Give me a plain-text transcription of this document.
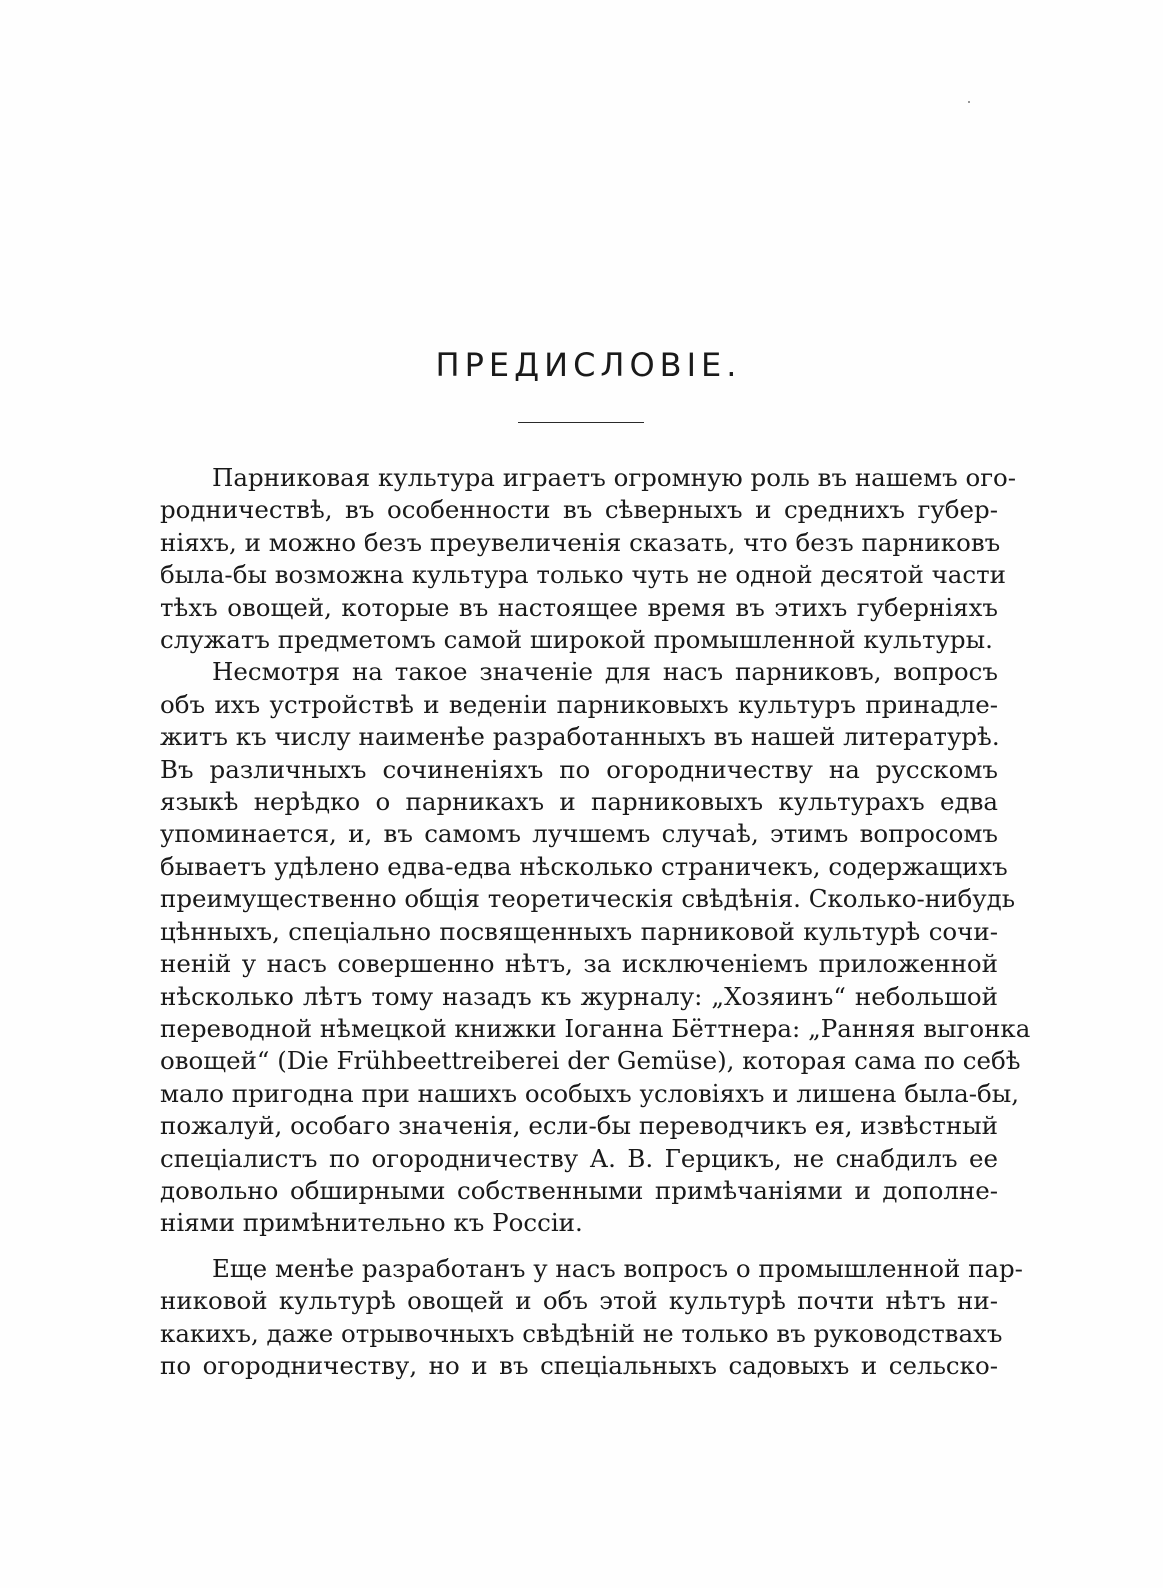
ПРЕДИСЛОВІЕ.
Парниковая культура играетъ огромную роль въ нашемъ ого-
родничествѣ, въ особенности въ сѣверныхъ и среднихъ губер-
ніяхъ, и можно безъ преувеличенія сказать, что безъ парниковъ
была-бы возможна культура только чуть не одной десятой части
тѣхъ овощей, которые въ настоящее время въ этихъ губерніяхъ
служатъ предметомъ самой широкой промышленной культуры.
Несмотря на такое значеніе для насъ парниковъ, вопросъ
объ ихъ устройствѣ и веденіи парниковыхъ культуръ принадле-
житъ къ числу наименѣе разработанныхъ въ нашей литературѣ.
Въ различныхъ сочиненіяхъ по огородничеству на русскомъ
языкѣ нерѣдко о парникахъ и парниковыхъ культурахъ едва
упоминается, и, въ самомъ лучшемъ случаѣ, этимъ вопросомъ
бываетъ удѣлено едва-едва нѣсколько страничекъ, содержащихъ
преимущественно общія теоретическія свѣдѣнія. Сколько-нибудь
цѣнныхъ, спеціально посвященныхъ парниковой культурѣ сочи-
неній у насъ совершенно нѣтъ, за исключеніемъ приложенной
нѣсколько лѣтъ тому назадъ къ журналу: „Хозяинъ“ небольшой
переводной нѣмецкой книжки Іоганна Бёттнера: „Ранняя выгонка
овощей“ (Die Frühbeettreiberei der Gemüse), которая сама по себѣ
мало пригодна при нашихъ особыхъ условіяхъ и лишена была-бы,
пожалуй, особаго значенія, если-бы переводчикъ ея, извѣстный
спеціалистъ по огородничеству А. В. Герцикъ, не снабдилъ ее
довольно обширными собственными примѣчаніями и дополне-
ніями примѣнительно къ Россіи.
Еще менѣе разработанъ у насъ вопросъ о промышленной пар-
никовой культурѣ овощей и объ этой культурѣ почти нѣтъ ни-
какихъ, даже отрывочныхъ свѣдѣній не только въ руководствахъ
по огородничеству, но и въ спеціальныхъ садовыхъ и сельско-
